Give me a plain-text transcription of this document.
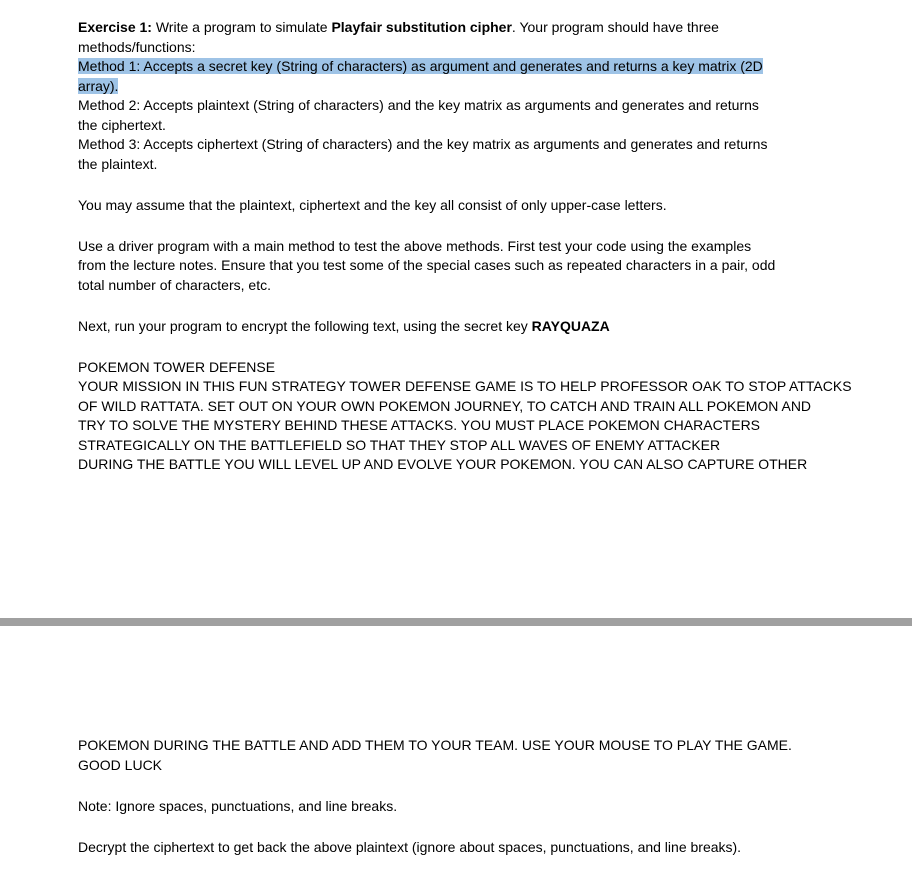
Exercise 1: Write a program to simulate Playfair substitution cipher. Your program should have three
methods/functions:
Method 1: Accepts a secret key (String of characters) as argument and generates and returns a key matrix (2D
array).
Method 2: Accepts plaintext (String of characters) and the key matrix as arguments and generates and returns
the ciphertext.
Method 3: Accepts ciphertext (String of characters) and the key matrix as arguments and generates and returns
the plaintext.
You may assume that the plaintext, ciphertext and the key all consist of only upper-case letters.
Use a driver program with a main method to test the above methods. First test your code using the examples
from the lecture notes. Ensure that you test some of the special cases such as repeated characters in a pair, odd
total number of characters, etc.
Next, run your program to encrypt the following text, using the secret key RAYQUAZA
POKEMON TOWER DEFENSE
YOUR MISSION IN THIS FUN STRATEGY TOWER DEFENSE GAME IS TO HELP PROFESSOR OAK TO STOP ATTACKS
OF WILD RATTATA. SET OUT ON YOUR OWN POKEMON JOURNEY, TO CATCH AND TRAIN ALL POKEMON AND
TRY TO SOLVE THE MYSTERY BEHIND THESE ATTACKS. YOU MUST PLACE POKEMON CHARACTERS
STRATEGICALLY ON THE BATTLEFIELD SO THAT THEY STOP ALL WAVES OF ENEMY ATTACKER
DURING THE BATTLE YOU WILL LEVEL UP AND EVOLVE YOUR POKEMON. YOU CAN ALSO CAPTURE OTHER
POKEMON DURING THE BATTLE AND ADD THEM TO YOUR TEAM. USE YOUR MOUSE TO PLAY THE GAME.
GOOD LUCK
Note: Ignore spaces, punctuations, and line breaks.
Decrypt the ciphertext to get back the above plaintext (ignore about spaces, punctuations, and line breaks).
